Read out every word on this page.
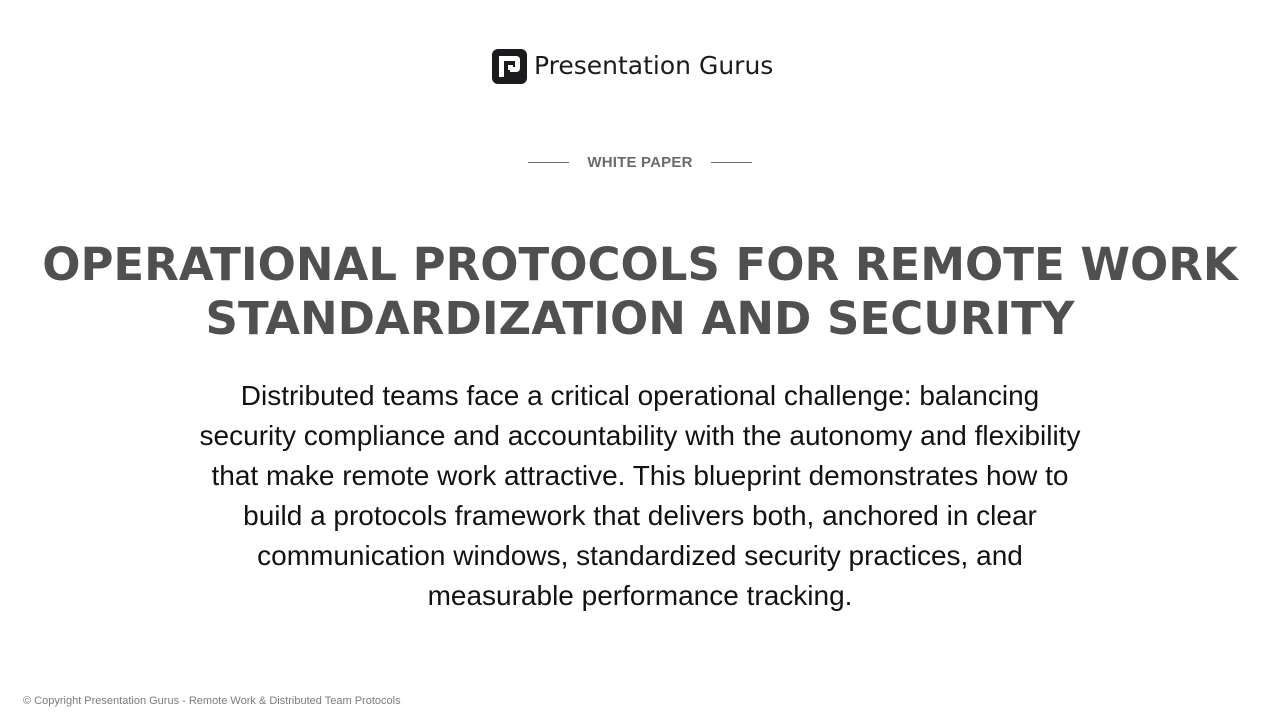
Presentation Gurus
WHITE PAPER
OPERATIONAL PROTOCOLS FOR REMOTE WORK
STANDARDIZATION AND SECURITY

Distributed teams face a critical operational challenge: balancing
security compliance and accountability with the autonomy and flexibility
that make remote work attractive. This blueprint demonstrates how to
build a protocols framework that delivers both, anchored in clear
communication windows, standardized security practices, and
measurable performance tracking.

© Copyright Presentation Gurus - Remote Work & Distributed Team Protocols
